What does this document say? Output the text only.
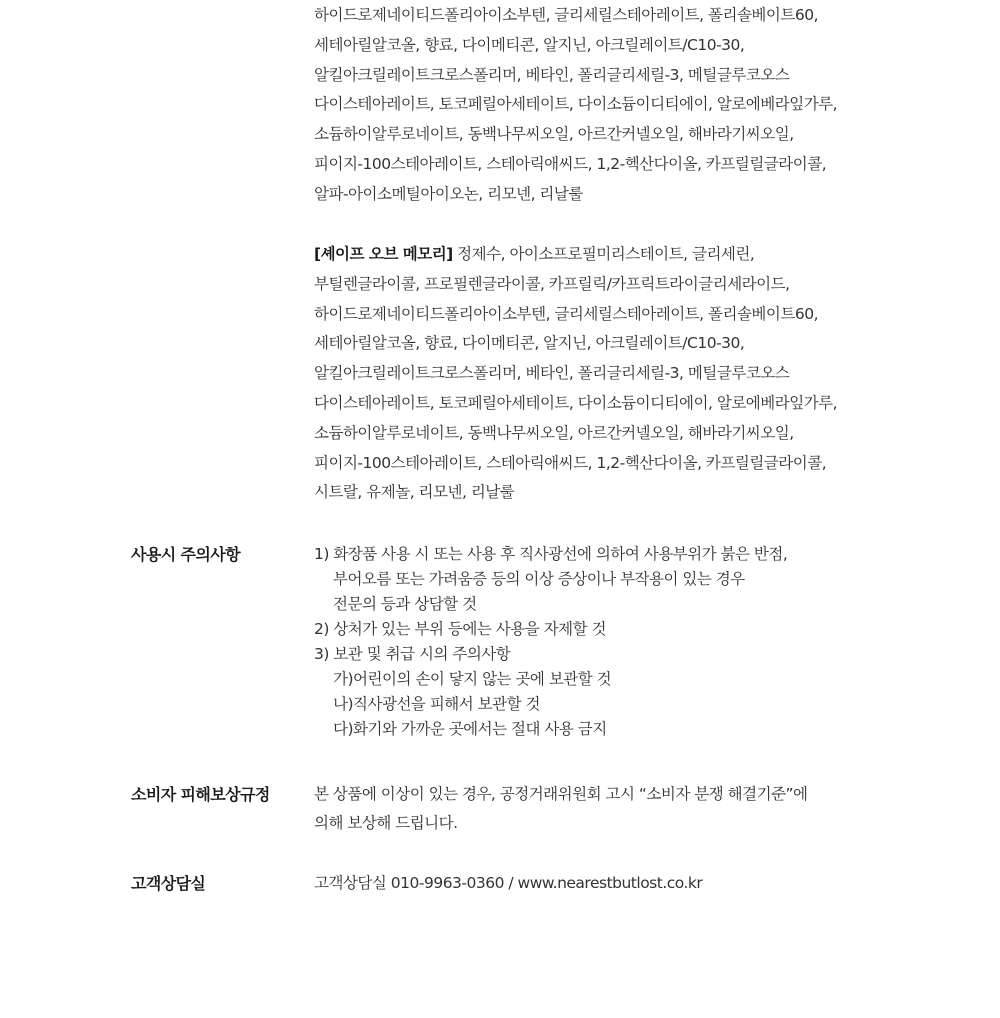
하이드로제네이티드폴리아이소부텐, 글리세릴스테아레이트, 폴리솔베이트60,
세테아릴알코올, 향료, 다이메티콘, 알지닌, 아크릴레이트/C10-30,
알킬아크릴레이트크로스폴리머, 베타인, 폴리글리세릴-3, 메틸글루코오스
다이스테아레이트, 토코페릴아세테이트, 다이소듐이디티에이, 알로에베라잎가루,
소듐하이알루로네이트, 동백나무씨오일, 아르간커넬오일, 해바라기씨오일,
피이지-100스테아레이트, 스테아릭애씨드, 1,2-헥산다이올, 카프릴릴글라이콜,
알파-아이소메틸아이오논, 리모넨, 리날룰
[셰이프 오브 메모리] 정제수, 아이소프로필미리스테이트, 글리세린,
부틸렌글라이콜, 프로필렌글라이콜, 카프릴릭/카프릭트라이글리세라이드,
하이드로제네이티드폴리아이소부텐, 글리세릴스테아레이트, 폴리솔베이트60,
세테아릴알코올, 향료, 다이메티콘, 알지닌, 아크릴레이트/C10-30,
알킬아크릴레이트크로스폴리머, 베타인, 폴리글리세릴-3, 메틸글루코오스
다이스테아레이트, 토코페릴아세테이트, 다이소듐이디티에이, 알로에베라잎가루,
소듐하이알루로네이트, 동백나무씨오일, 아르간커넬오일, 해바라기씨오일,
피이지-100스테아레이트, 스테아릭애씨드, 1,2-헥산다이올, 카프릴릴글라이콜,
시트랄, 유제놀, 리모넨, 리날룰
사용시 주의사항	1) 화장품 사용 시 또는 사용 후 직사광선에 의하여 사용부위가 붉은 반점,
부어오름 또는 가려움증 등의 이상 증상이나 부작용이 있는 경우
전문의 등과 상담할 것
2) 상처가 있는 부위 등에는 사용을 자제할 것
3) 보관 및 취급 시의 주의사항
가)어린이의 손이 닿지 않는 곳에 보관할 것
나)직사광선을 피해서 보관할 것
다)화기와 가까운 곳에서는 절대 사용 금지
소비자 피해보상규정	본 상품에 이상이 있는 경우, 공정거래위원회 고시 “소비자 분쟁 해결기준”에
의해 보상해 드립니다.
고객상담실	고객상담실 010-9963-0360 / www.nearestbutlost.co.kr
